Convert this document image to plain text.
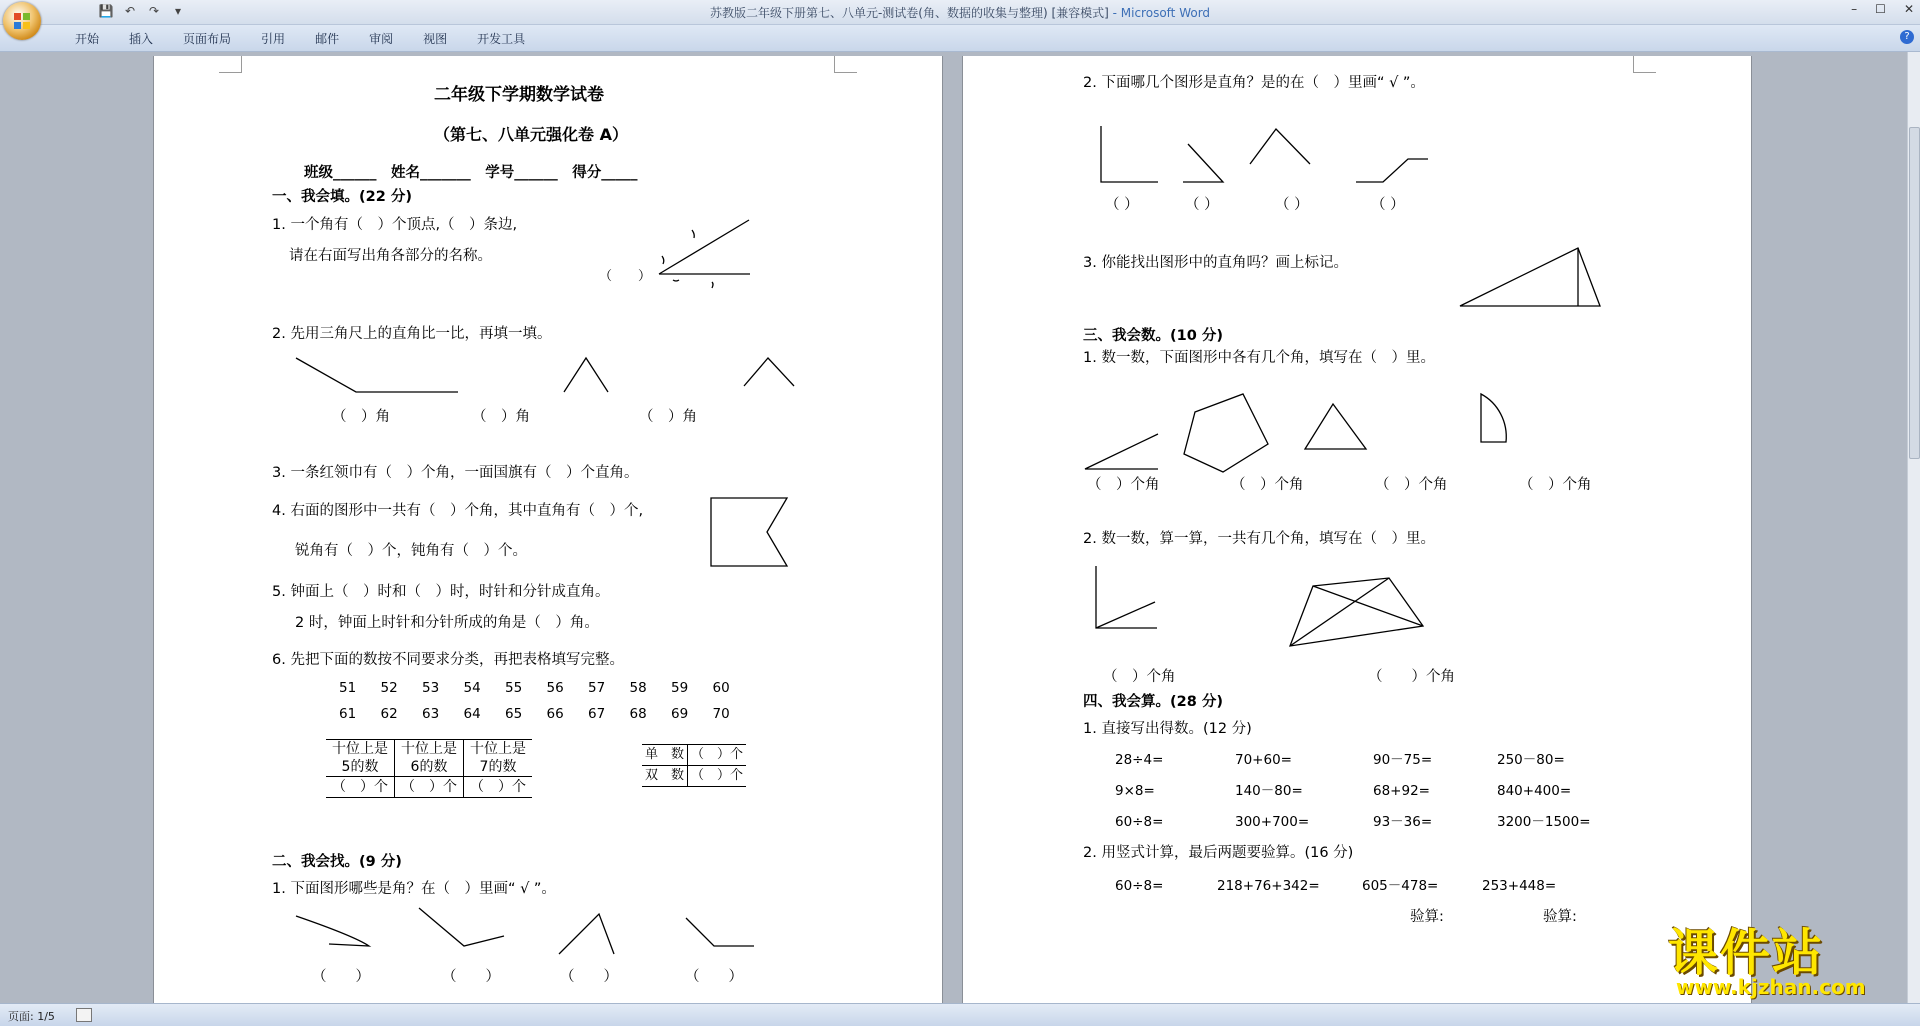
💾 ↶ ↷	▾	苏教版二年级下册第七、八单元-测试卷(角、数据的收集与整理) [兼容模式] - Microsoft Word	– ☐ ✕
开始	插入	页面布局	引用	邮件	审阅	视图	开发工具	?
二年级下学期数学试卷
（第七、八单元强化卷 A）
班级______　姓名_______　学号______　得分_____
一、我会填。(22 分)
1. 一个角有（　）个顶点,（　）条边,
请在右面写出角各部分的名称。
（　　）
2. 先用三角尺上的直角比一比，再填一填。
（　）角	（　）角	（　）角
3. 一条红领巾有（　）个角，一面国旗有（　）个直角。
4. 右面的图形中一共有（　）个角，其中直角有（　）个,
锐角有（　）个，钝角有（　）个。
5. 钟面上（　）时和（　）时，时针和分针成直角。
2 时，钟面上时针和分针所成的角是（　）角。
6. 先把下面的数按不同要求分类，再把表格填写完整。
51 52 53 54 55 56 57 58 59 60
61 62 63 64 65 66 67 68 69 70
十位上是 5的数	十位上是 6的数	十位上是 7的数
（　）个	（　）个	（　）个
单　数	（　）个
双　数	（　）个
二、我会找。(9 分)
1. 下面图形哪些是角？在（　）里画“ √ ”。
（　　）	（　　）	（　　）	（　　）
2. 下面哪几个图形是直角？是的在（　）里画“ √ ”。
（ ）	（ ）	（ ）	（ ）
3. 你能找出图形中的直角吗？画上标记。
三、我会数。(10 分)
1. 数一数，下面图形中各有几个角，填写在（　）里。
（　）个角	（　）个角	（　）个角	（　）个角
2. 数一数，算一算，一共有几个角，填写在（　）里。
（　）个角	（　　）个角
四、我会算。(28 分)
1. 直接写出得数。(12 分)
28÷4=	70+60=	90－75=	250－80=
9×8=	140－80=	68+92=	840+400=
60÷8=	300+700=	93－36=	3200－1500=
2. 用竖式计算，最后两题要验算。(16 分)
60÷8=	218+76+342=	605－478=	253+448=
验算:	验算:
页面: 1/5
课件站
www.kjzhan.com
